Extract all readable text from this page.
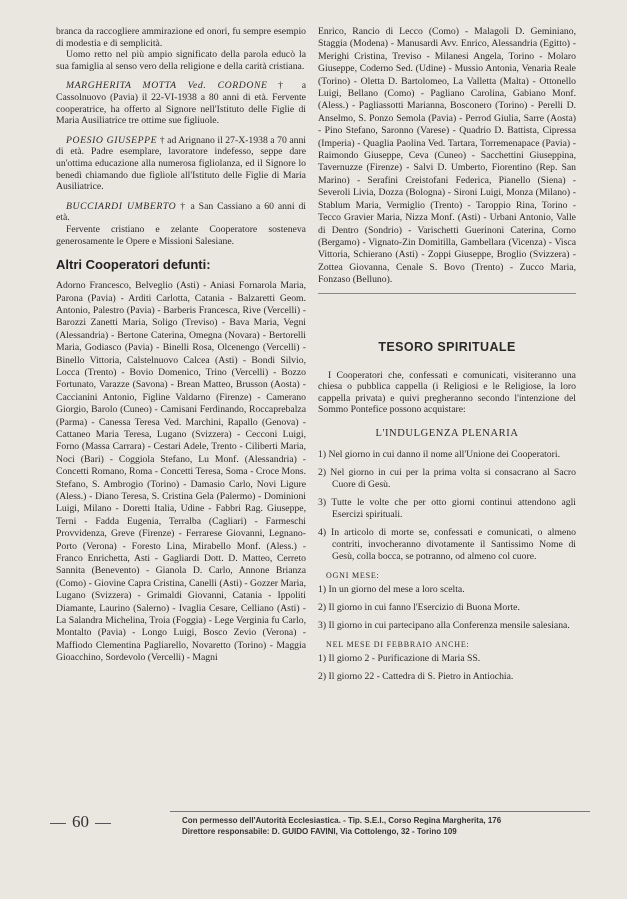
branca da raccogliere ammirazione ed onori, fu sempre esempio di modestia e di semplicità.

Uomo retto nel più ampio significato della parola educò la sua famiglia al senso vero della religione e della carità cristiana.

MARGHERITA MOTTA Ved. CORDONE † a Cassolnuovo (Pavia) il 22-VI-1938 a 80 anni di età. Fervente cooperatrice, ha offerto al Signore nell'Istituto delle Figlie di Maria Ausiliatrice tre ottime sue figliuole.

POESIO GIUSEPPE † ad Arignano il 27-X-1938 a 70 anni di età. Padre esemplare, lavoratore indefesso, seppe dare un'ottima educazione alla numerosa figliolanza, ed il Signore lo benedì chiamando due figliole all'Istituto delle Figlie di Maria Ausiliatrice.

BUCCIARDI UMBERTO † a San Cassiano a 60 anni di età.

Fervente cristiano e zelante Cooperatore sosteneva generosamente le Opere e Missioni Salesiane.

Altri Cooperatori defunti:

Adorno Francesco, Belveglio (Asti) - Aniasi Fornarola Maria, Parona (Pavia) - Arditi Carlotta, Catania - Balzaretti Geom. Antonio, Palestro (Pavia) - Barberis Francesca, Rive (Vercelli) - Barozzi Zanetti Maria, Soligo (Treviso) - Bava Maria, Vegni (Alessandria) - Bertone Caterina, Omegna (Novara) - Bertorelli Maria, Godiasco (Pavia) - Binelli Rosa, Olcenengo (Vercelli) - Binello Vittoria, Calstelnuovo Calcea (Asti) - Bondi Silvio, Locca (Trento) - Bovio Domenico, Trino (Vercelli) - Bozzo Fortunato, Varazze (Savona) - Brean Matteo, Brusson (Aosta) - Caccianini Antonio, Figline Valdarno (Firenze) - Camerano Giorgio, Barolo (Cuneo) - Camisani Ferdinando, Roccaprebalza (Parma) - Canessa Teresa Ved. Marchini, Rapallo (Genova) - Cattaneo Maria Teresa, Lugano (Svizzera) - Cecconi Luigi, Forno (Massa Carrara) - Cestari Adele, Trento - Ciliberti Maria, Noci (Bari) - Coggiola Stefano, Lu Monf. (Alessandria) - Concetti Romano, Roma - Concetti Teresa, Soma - Croce Mons. Stefano, S. Ambrogio (Torino) - Damasio Carlo, Novi Ligure (Aless.) - Diano Teresa, S. Cristina Gela (Palermo) - Dominioni Luigi, Milano - Doretti Italia, Udine - Fabbri Rag. Giuseppe, Terni - Fadda Eugenia, Terralba (Cagliari) - Farmeschi Provvidenza, Greve (Firenze) - Ferrarese Giovanni, Legnano-Porto (Verona) - Foresto Lina, Mirabello Monf. (Aless.) - Franco Enrichetta, Asti - Gagliardi Dott. D. Matteo, Cerreto Sannita (Benevento) - Gianola D. Carlo, Annone Brianza (Como) - Giovine Capra Cristina, Canelli (Asti) - Gozzer Maria, Lugano (Svizzera) - Grimaldi Giovanni, Catania - Ippoliti Diamante, Laurino (Salerno) - Ivaglia Cesare, Celliano (Asti) - La Salandra Michelina, Troia (Foggia) - Lege Verginia fu Carlo, Montalto (Pavia) - Longo Luigi, Bosco Zevio (Verona) - Maffiodo Clementina Pagliarello, Novaretto (Torino) - Maggia Gioacchino, Sordevolo (Vercelli) - Magni

Enrico, Rancio di Lecco (Como) - Malagoli D. Geminiano, Staggia (Modena) - Manusardi Avv. Enrico, Alessandria (Egitto) - Merighi Cristina, Treviso - Milanesi Angela, Torino - Molaro Giuseppe, Coderno Sed. (Udine) - Mussio Antonia, Venaria Reale (Torino) - Oletta D. Bartolomeo, La Valletta (Malta) - Ottonello Luigi, Bellano (Como) - Pagliano Carolina, Gabiano Monf. (Aless.) - Pagliassotti Marianna, Bosconero (Torino) - Perelli D. Anselmo, S. Ponzo Semola (Pavia) - Perrod Giulia, Sarre (Aosta) - Pino Stefano, Saronno (Varese) - Quadrio D. Battista, Cipressa (Imperia) - Quaglia Paolina Ved. Tartara, Torremenapace (Pavia) - Raimondo Giuseppe, Ceva (Cuneo) - Sacchettini Giuseppina, Tavernuzze (Firenze) - Salvi D. Umberto, Fiorentino (Rep. San Marino) - Serafini Creistofani Federica, Pianello (Siena) - Severoli Livia, Dozza (Bologna) - Sironi Luigi, Monza (Milano) - Stablum Maria, Vermiglio (Trento) - Taroppio Rina, Torino - Tecco Gravier Maria, Nizza Monf. (Asti) - Urbani Antonio, Valle di Dentro (Sondrio) - Varischetti Guerinoni Caterina, Corno (Bergamo) - Vignato-Zin Domitilla, Gambellara (Vicenza) - Visca Vittoria, Schierano (Asti) - Zoppi Giuseppe, Broglio (Svizzera) - Zottea Giovanna, Cenale S. Bovo (Trento) - Zucco Maria, Fonzaso (Belluno).

TESORO SPIRITUALE

I Cooperatori che, confessati e comunicati, visiteranno una chiesa o pubblica cappella (i Religiosi e le Religiose, la loro cappella privata) e quivi pregheranno secondo l'intenzione del Sommo Pontefice possono acquistare:

L'INDULGENZA PLENARIA

1) Nel giorno in cui danno il nome all'Unione dei Cooperatori.

2) Nel giorno in cui per la prima volta si consacrano al Sacro Cuore di Gesù.

3) Tutte le volte che per otto giorni continui attendono agli Esercizi spirituali.

4) In articolo di morte se, confessati e comunicati, o almeno contriti, invocheranno divotamente il Santissimo Nome di Gesù, colla bocca, se potranno, od almeno col cuore.

OGNI MESE:

1) In un giorno del mese a loro scelta.

2) Il giorno in cui fanno l'Esercizio di Buona Morte.

3) Il giorno in cui partecipano alla Conferenza mensile salesiana.

NEL MESE DI FEBBRAIO ANCHE:

1) Il giorno 2 - Purificazione di Maria SS.

2) Il giorno 22 - Cattedra di S. Pietro in Antiochia.

60	Con permesso dell'Autorità Ecclesiastica. - Tip. S.E.I., Corso Regina Margherita, 176
Direttore responsabile: D. GUIDO FAVINI, Via Cottolengo, 32 - Torino 109
